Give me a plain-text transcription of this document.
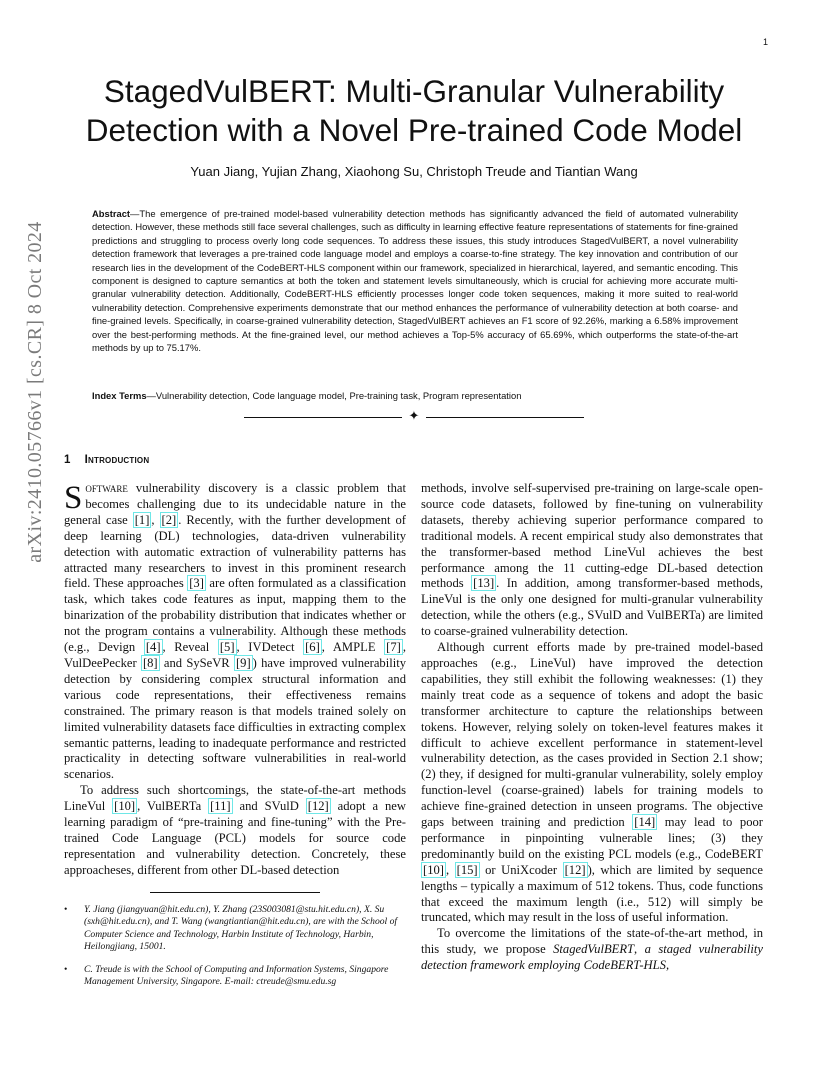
1
arXiv:2410.05766v1 [cs.CR] 8 Oct 2024
StagedVulBERT: Multi-Granular Vulnerability Detection with a Novel Pre-trained Code Model
Yuan Jiang, Yujian Zhang, Xiaohong Su, Christoph Treude and Tiantian Wang

Abstract—The emergence of pre-trained model-based vulnerability detection methods has significantly advanced the field of automated vulnerability detection. However, these methods still face several challenges, such as difficulty in learning effective feature representations of statements for fine-grained predictions and struggling to process overly long code sequences. To address these issues, this study introduces StagedVulBERT, a novel vulnerability detection framework that leverages a pre-trained code language model and employs a coarse-to-fine strategy. The key innovation and contribution of our research lies in the development of the CodeBERT-HLS component within our framework, specialized in hierarchical, layered, and semantic encoding. This component is designed to capture semantics at both the token and statement levels simultaneously, which is crucial for achieving more accurate multi-granular vulnerability detection. Additionally, CodeBERT-HLS efficiently processes longer code token sequences, making it more suited to real-world vulnerability detection. Comprehensive experiments demonstrate that our method enhances the performance of vulnerability detection at both coarse- and fine-grained levels. Specifically, in coarse-grained vulnerability detection, StagedVulBERT achieves an F1 score of 92.26%, marking a 6.58% improvement over the best-performing methods. At the fine-grained level, our method achieves a Top-5% accuracy of 65.69%, which outperforms the state-of-the-art methods by up to 75.17%.

Index Terms—Vulnerability detection, Code language model, Pre-training task, Program representation

✦
1 Introduction

Software vulnerability discovery is a classic problem that becomes challenging due to its undecidable nature in the general case [1] , [2] . Recently, with the further development of deep learning (DL) technologies, data-driven vulnerability detection with automatic extraction of vulnerability patterns has attracted many researchers to invest in this prominent research field. These approaches [3] are often formulated as a classification task, which takes code features as input, mapping them to the binarization of the probability distribution that indicates whether or not the program contains a vulnerability. Although these methods (e.g., Devign [4] , Reveal [5] , IVDetect [6] , AMPLE [7] , VulDeePecker [8] and SySeVR [9] ) have improved vulnerability detection by considering complex structural information and various code representations, their effectiveness remains constrained. The primary reason is that models trained solely on limited vulnerability datasets face difficulties in extracting complex semantic patterns, leading to inadequate performance and restricted practicality in detecting software vulnerabilities in real-world scenarios.

To address such shortcomings, the state-of-the-art methods LineVul [10] , VulBERTa [11] and SVulD [12] adopt a new learning paradigm of “pre-training and fine-tuning” with the Pre-trained Code Language (PCL) models for source code representation and vulnerability detection. Concretely, these approacheses, different from other DL-based detection

methods, involve self-supervised pre-training on large-scale open-source code datasets, followed by fine-tuning on vulnerability datasets, thereby achieving superior performance compared to traditional models. A recent empirical study also demonstrates that the transformer-based method LineVul achieves the best performance among the 11 cutting-edge DL-based detection methods [13] . In addition, among transformer-based methods, LineVul is the only one designed for multi-granular vulnerability detection, while the others (e.g., SVulD and VulBERTa) are limited to coarse-grained vulnerability detection.

Although current efforts made by pre-trained model-based approaches (e.g., LineVul) have improved the detection capabilities, they still exhibit the following weaknesses: (1) they mainly treat code as a sequence of tokens and adopt the basic transformer architecture to capture the relationships between tokens. However, relying solely on token-level features makes it difficult to achieve excellent performance in statement-level vulnerability detection, as the cases provided in Section 2.1 show; (2) they, if designed for multi-granular vulnerability, solely employ function-level (coarse-grained) labels for training models to achieve fine-grained detection in unseen programs. The objective gaps between training and prediction [14] may lead to poor performance in pinpointing vulnerable lines; (3) they predominantly build on the existing PCL models (e.g., CodeBERT [10] , [15] or UniXcoder [12] ), which are limited by sequence lengths – typically a maximum of 512 tokens. Thus, code functions that exceed the maximum length (i.e., 512) will simply be truncated, which may result in the loss of useful information.

To overcome the limitations of the state-of-the-art method, in this study, we propose StagedVulBERT, a staged vulnerability detection framework employing CodeBERT-HLS,

• Y. Jiang (jiangyuan@hit.edu.cn), Y. Zhang (23S003081@stu.hit.edu.cn), X. Su (sxh@hit.edu.cn), and T. Wang (wangtiantian@hit.edu.cn), are with the School of Computer Science and Technology, Harbin Institute of Technology, Harbin, Heilongjiang, 15001.
• C. Treude is with the School of Computing and Information Systems, Singapore Management University, Singapore. E-mail: ctreude@smu.edu.sg
